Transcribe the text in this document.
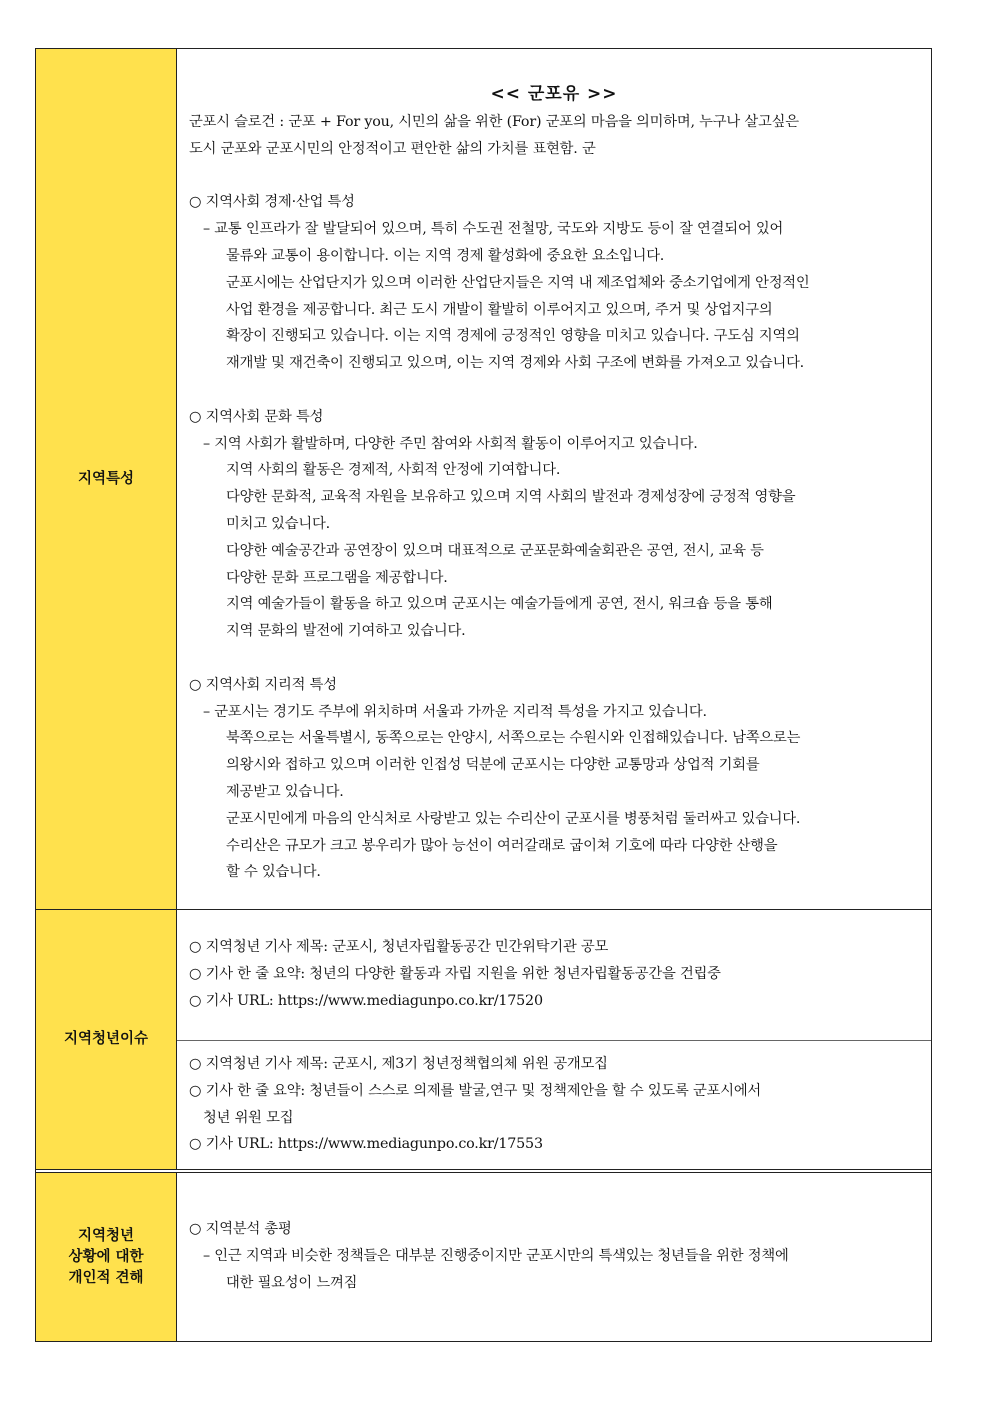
지역특성
<< 군포유 >>
군포시 슬로건 : 군포 + For you, 시민의 삶을 위한 (For) 군포의 마음을 의미하며, 누구나 살고싶은
도시 군포와 군포시민의 안정적이고 편안한 삶의 가치를 표현함. 군
○ 지역사회 경제·산업 특성
– 교통 인프라가 잘 발달되어 있으며, 특히 수도권 전철망, 국도와 지방도 등이 잘 연결되어 있어
물류와 교통이 용이합니다. 이는 지역 경제 활성화에 중요한 요소입니다.
군포시에는 산업단지가 있으며 이러한 산업단지들은 지역 내 제조업체와 중소기업에게 안정적인
사업 환경을 제공합니다. 최근 도시 개발이 활발히 이루어지고 있으며, 주거 및 상업지구의
확장이 진행되고 있습니다. 이는 지역 경제에 긍정적인 영향을 미치고 있습니다. 구도심 지역의
재개발 및 재건축이 진행되고 있으며, 이는 지역 경제와 사회 구조에 변화를 가져오고 있습니다.
○ 지역사회 문화 특성
– 지역 사회가 활발하며, 다양한 주민 참여와 사회적 활동이 이루어지고 있습니다.
지역 사회의 활동은 경제적, 사회적 안정에 기여합니다.
다양한 문화적, 교육적 자원을 보유하고 있으며 지역 사회의 발전과 경제성장에 긍정적 영향을
미치고 있습니다.
다양한 예술공간과 공연장이 있으며 대표적으로 군포문화예술회관은 공연, 전시, 교육 등
다양한 문화 프로그램을 제공합니다.
지역 예술가들이 활동을 하고 있으며 군포시는 예술가들에게 공연, 전시, 워크숍 등을 통해
지역 문화의 발전에 기여하고 있습니다.
○ 지역사회 지리적 특성
– 군포시는 경기도 주부에 위치하며 서울과 가까운 지리적 특성을 가지고 있습니다.
북쪽으로는 서울특별시, 동쪽으로는 안양시, 서쪽으로는 수원시와 인접해있습니다. 남쪽으로는
의왕시와 접하고 있으며 이러한 인접성 덕분에 군포시는 다양한 교통망과 상업적 기회를
제공받고 있습니다.
군포시민에게 마음의 안식처로 사랑받고 있는 수리산이 군포시를 병풍처럼 둘러싸고 있습니다.
수리산은 규모가 크고 봉우리가 많아 능선이 여러갈래로 굽이쳐 기호에 따라 다양한 산행을
할 수 있습니다.
지역청년이슈
○ 지역청년 기사 제목: 군포시, 청년자립활동공간 민간위탁기관 공모
○ 기사 한 줄 요약: 청년의 다양한 활동과 자립 지원을 위한 청년자립활동공간을 건립중
○ 기사 URL: https://www.mediagunpo.co.kr/17520
○ 지역청년 기사 제목: 군포시, 제3기 청년정책협의체 위원 공개모집
○ 기사 한 줄 요약: 청년들이 스스로 의제를 발굴,연구 및 정책제안을 할 수 있도록 군포시에서
청년 위원 모집
○ 기사 URL: https://www.mediagunpo.co.kr/17553
지역청년
상황에 대한
개인적 견해
○ 지역분석 총평
– 인근 지역과 비슷한 정책들은 대부분 진행중이지만 군포시만의 특색있는 청년들을 위한 정책에
대한 필요성이 느껴짐
